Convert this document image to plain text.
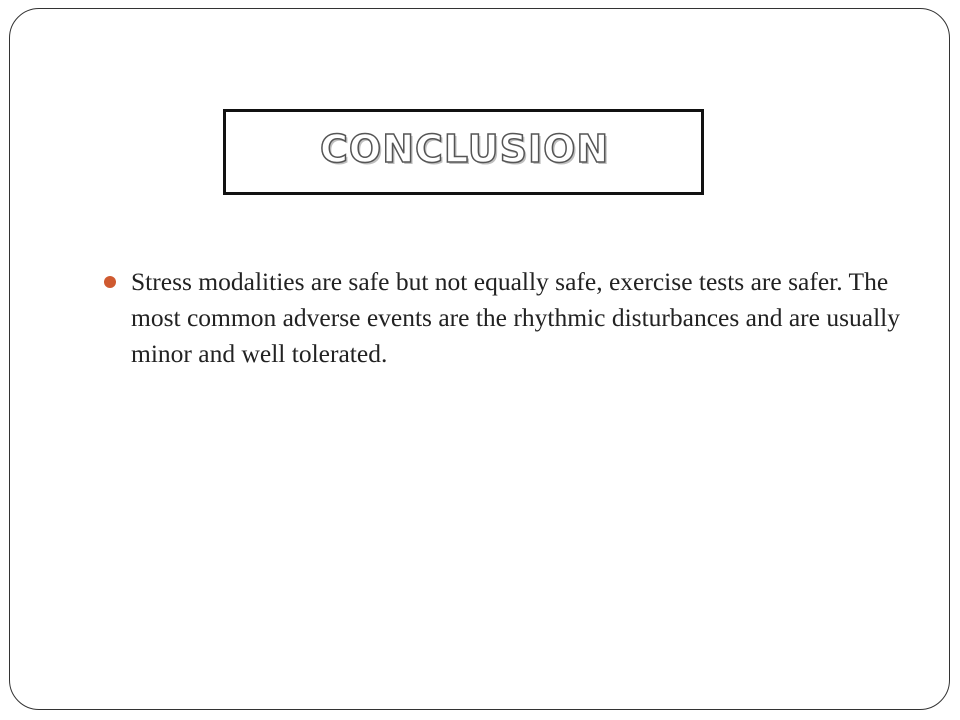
CONCLUSION
Stress modalities are safe but not equally safe, exercise tests are safer. The most common adverse events are the rhythmic disturbances and are usually minor and well tolerated.
